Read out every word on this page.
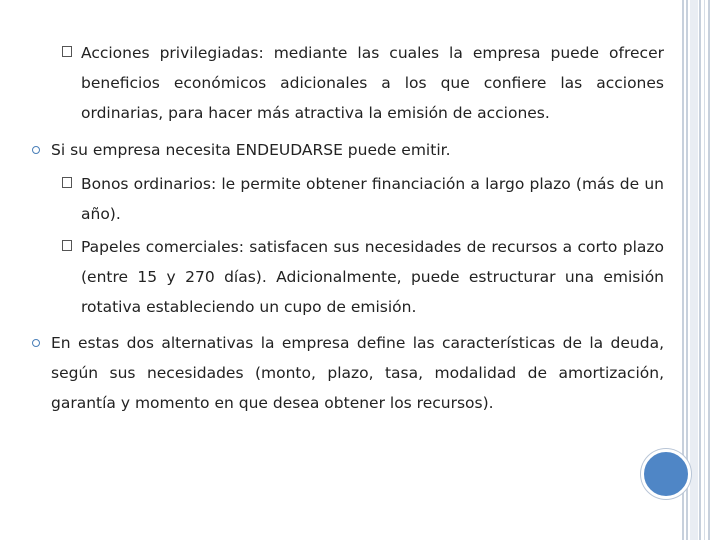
Acciones privilegiadas: mediante las cuales la empresa puede ofrecer beneficios económicos adicionales a los que confiere las acciones ordinarias, para hacer más atractiva la emisión de acciones.
Si su empresa necesita ENDEUDARSE puede emitir.
Bonos ordinarios: le permite obtener financiación a largo plazo (más de un año).
Papeles comerciales: satisfacen sus necesidades de recursos a corto plazo (entre 15 y 270 días). Adicionalmente, puede estructurar una emisión rotativa estableciendo un cupo de emisión.
En estas dos alternativas la empresa define las características de la deuda, según sus necesidades (monto, plazo, tasa, modalidad de amortización, garantía y momento en que desea obtener los recursos).
